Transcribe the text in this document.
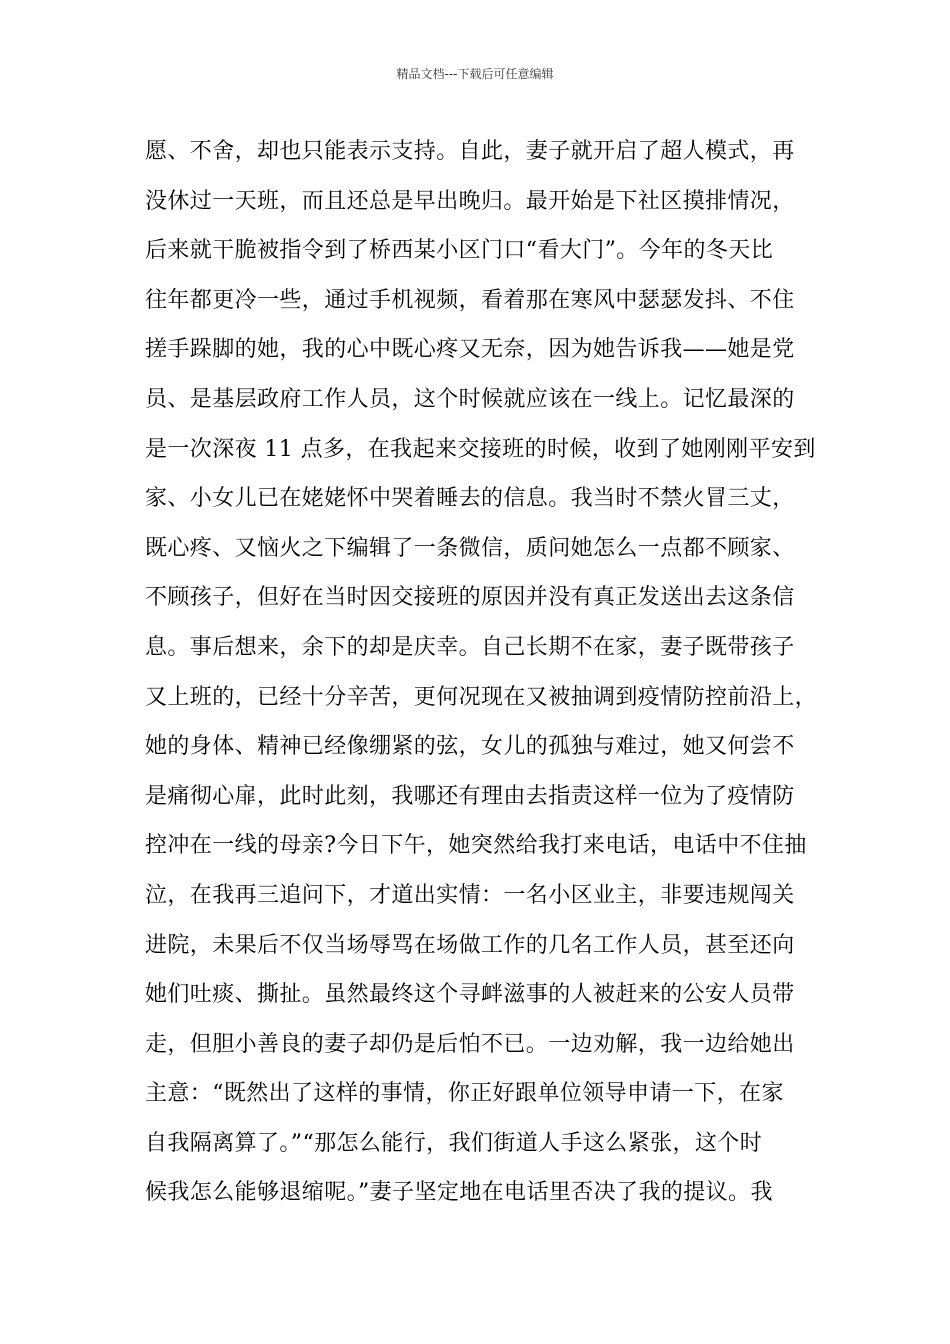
精品文档---下载后可任意编辑
愿、不舍，却也只能表示支持。自此，妻子就开启了超人模式，再
没休过一天班，而且还总是早出晚归。最开始是下社区摸排情况，
后来就干脆被指令到了桥西某小区门口“看大门”。今年的冬天比
往年都更冷一些，通过手机视频，看着那在寒风中瑟瑟发抖、不住
搓手跺脚的她，我的心中既心疼又无奈，因为她告诉我——她是党
员、是基层政府工作人员，这个时候就应该在一线上。记忆最深的
是一次深夜 11 点多，在我起来交接班的时候，收到了她刚刚平安到
家、小女儿已在姥姥怀中哭着睡去的信息。我当时不禁火冒三丈，
既心疼、又恼火之下编辑了一条微信，质问她怎么一点都不顾家、
不顾孩子，但好在当时因交接班的原因并没有真正发送出去这条信
息。事后想来，余下的却是庆幸。自己长期不在家，妻子既带孩子
又上班的，已经十分辛苦，更何况现在又被抽调到疫情防控前沿上，
她的身体、精神已经像绷紧的弦，女儿的孤独与难过，她又何尝不
是痛彻心扉，此时此刻，我哪还有理由去指责这样一位为了疫情防
控冲在一线的母亲?今日下午，她突然给我打来电话，电话中不住抽
泣，在我再三追问下，才道出实情：一名小区业主，非要违规闯关
进院，未果后不仅当场辱骂在场做工作的几名工作人员，甚至还向
她们吐痰、撕扯。虽然最终这个寻衅滋事的人被赶来的公安人员带
走，但胆小善良的妻子却仍是后怕不已。一边劝解，我一边给她出
主意：“既然出了这样的事情，你正好跟单位领导申请一下，在家
自我隔离算了。”“那怎么能行，我们街道人手这么紧张，这个时
候我怎么能够退缩呢。”妻子坚定地在电话里否决了我的提议。我
